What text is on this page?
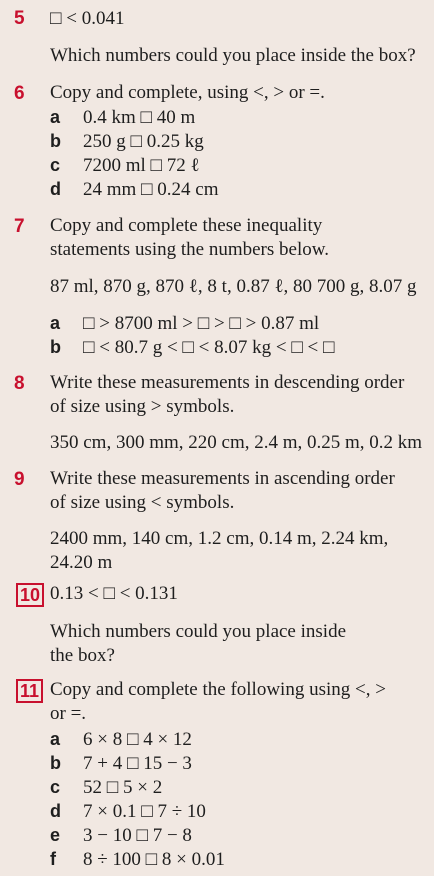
5 □ < 0.041
Which numbers could you place inside the box?
6 Copy and complete, using <, > or =.
a 0.4 km □ 40 m
b 250 g □ 0.25 kg
c 7200 ml □ 72 ℓ
d 24 mm □ 0.24 cm
7 Copy and complete these inequality
statements using the numbers below.
87 ml, 870 g, 870 ℓ, 8 t, 0.87 ℓ, 80 700 g, 8.07 g
a □ > 8700 ml > □ > □ > 0.87 ml
b □ < 80.7 g < □ < 8.07 kg < □ < □
8 Write these measurements in descending order
of size using > symbols.
350 cm, 300 mm, 220 cm, 2.4 m, 0.25 m, 0.2 km
9 Write these measurements in ascending order
of size using < symbols.
2400 mm, 140 cm, 1.2 cm, 0.14 m, 2.24 km,
24.20 m
10 0.13 < □ < 0.131
Which numbers could you place inside
the box?
11 Copy and complete the following using <, >
or =.
a 6 × 8 □ 4 × 12
b 7 + 4 □ 15 − 3
c 52 □ 5 × 2
d 7 × 0.1 □ 7 ÷ 10
e 3 − 10 □ 7 − 8
f 8 ÷ 100 □ 8 × 0.01
